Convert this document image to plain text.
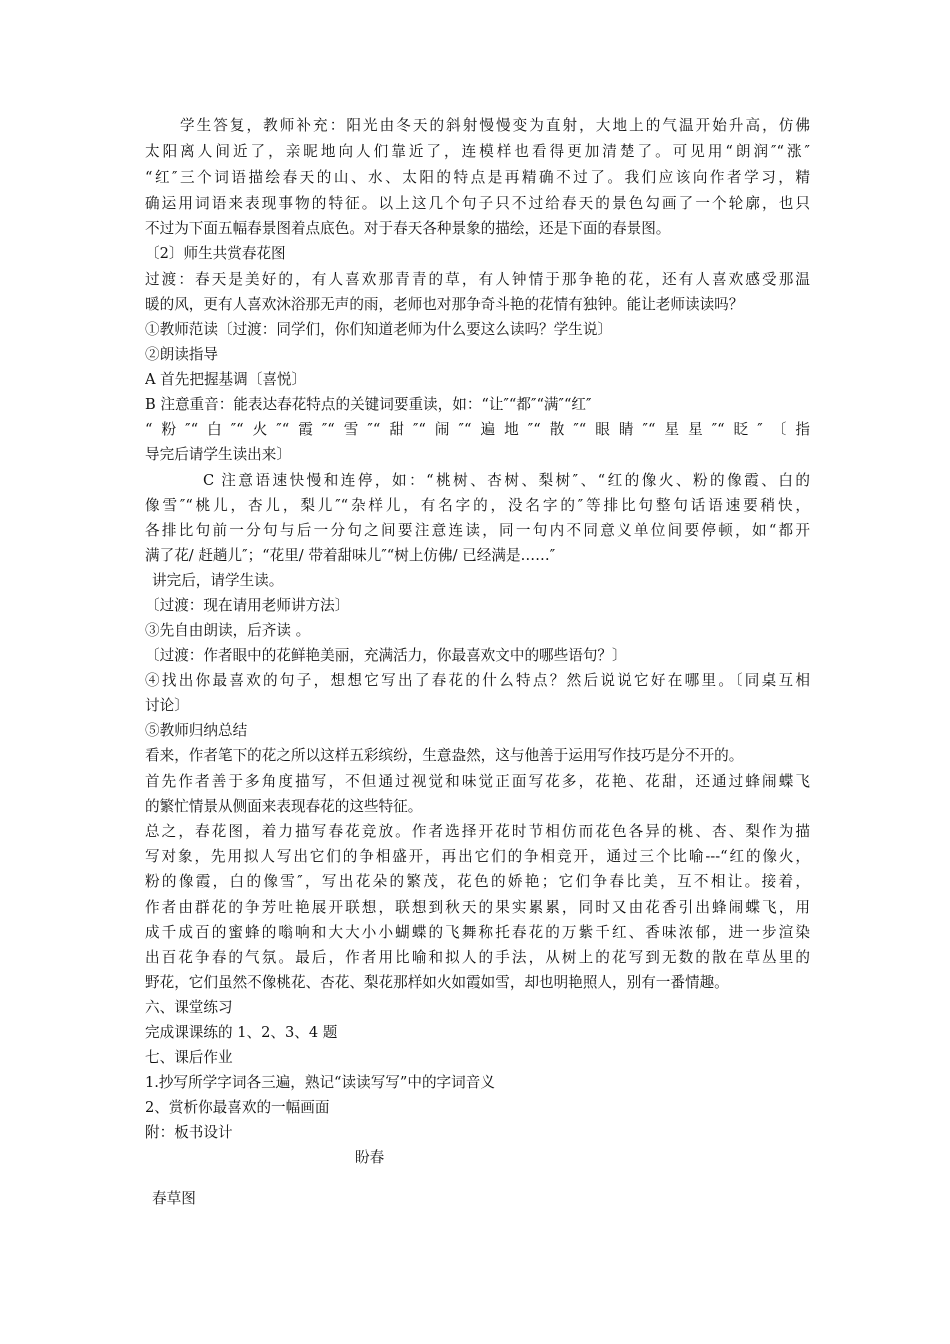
学生答复，教师补充：阳光由冬天的斜射慢慢变为直射，大地上的气温开始升高，仿佛
太阳离人间近了，亲昵地向人们靠近了，连模样也看得更加清楚了。可见用“朗润″“涨″
“红″三个词语描绘春天的山、水、太阳的特点是再精确不过了。我们应该向作者学习，精
确运用词语来表现事物的特征。以上这几个句子只不过给春天的景色勾画了一个轮廓，也只
不过为下面五幅春景图着点底色。对于春天各种景象的描绘，还是下面的春景图。
〔2〕师生共赏春花图
过渡：春天是美好的，有人喜欢那青青的草，有人钟情于那争艳的花，还有人喜欢感受那温
暖的风，更有人喜欢沐浴那无声的雨，老师也对那争奇斗艳的花情有独钟。能让老师读读吗？
①教师范读〔过渡：同学们，你们知道老师为什么要这么读吗？学生说〕
②朗读指导
A 首先把握基调〔喜悦〕
B 注意重音：能表达春花特点的关键词要重读，如：“让″“都″“满″“红″
“粉″“白″“火″“霞″“雪″“甜″“闹″“遍地″“散″“眼睛″“星星″“眨″〔指
导完后请学生读出来〕
C 注意语速快慢和连停，如：“桃树、杏树、梨树″、“红的像火、粉的像霞、白的
像雪″“桃儿，杏儿，梨儿″“杂样儿，有名字的，没名字的″等排比句整句话语速要稍快，
各排比句前一分句与后一分句之间要注意连读，同一句内不同意义单位间要停顿，如“都开
满了花/ 赶趟儿″；“花里/ 带着甜味儿″“树上仿佛/ 已经满是……″
讲完后，请学生读。
〔过渡：现在请用老师讲方法〕
③先自由朗读，后齐读 。
〔过渡：作者眼中的花鲜艳美丽，充满活力，你最喜欢文中的哪些语句？〕
④找出你最喜欢的句子，想想它写出了春花的什么特点？然后说说它好在哪里。〔同桌互相
讨论〕
⑤教师归纳总结
看来，作者笔下的花之所以这样五彩缤纷，生意盎然，这与他善于运用写作技巧是分不开的。
首先作者善于多角度描写，不但通过视觉和味觉正面写花多，花艳、花甜，还通过蜂闹蝶飞
的繁忙情景从侧面来表现春花的这些特征。
总之，春花图，着力描写春花竞放。作者选择开花时节相仿而花色各异的桃、杏、梨作为描
写对象，先用拟人写出它们的争相盛开，再出它们的争相竞开，通过三个比喻---“红的像火，
粉的像霞，白的像雪″，写出花朵的繁茂，花色的娇艳；它们争春比美，互不相让。接着，
作者由群花的争芳吐艳展开联想，联想到秋天的果实累累，同时又由花香引出蜂闹蝶飞，用
成千成百的蜜蜂的嗡响和大大小小蝴蝶的飞舞称托春花的万紫千红、香味浓郁，进一步渲染
出百花争春的气氛。最后，作者用比喻和拟人的手法，从树上的花写到无数的散在草丛里的
野花，它们虽然不像桃花、杏花、梨花那样如火如霞如雪，却也明艳照人，别有一番情趣。
六、课堂练习
完成课课练的 1、2、3、4 题
七、课后作业
1.抄写所学字词各三遍，熟记“读读写写”中的字词音义
2、赏析你最喜欢的一幅画面
附：板书设计
盼春
春草图
